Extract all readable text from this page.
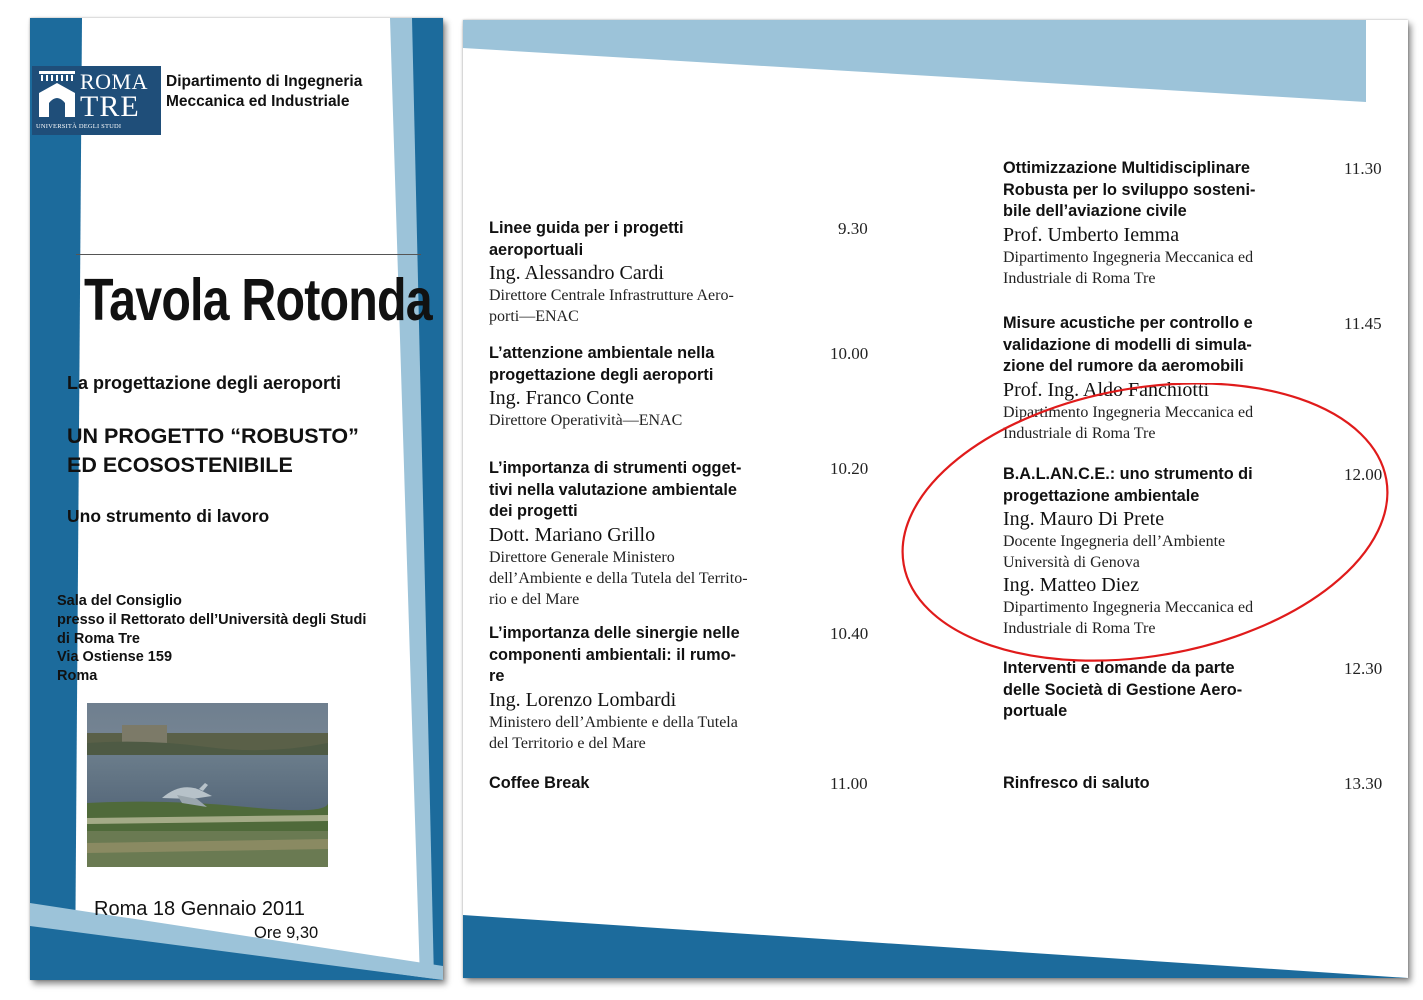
ROMA
TRE
UNIVERSITÀ DEGLI STUDI
Dipartimento di Ingegneria
Meccanica ed Industriale
Tavola Rotonda
La progettazione degli aeroporti
UN PROGETTO “ROBUSTO”
ED ECOSOSTENIBILE
Uno strumento di lavoro
Sala del Consiglio
presso il Rettorato dell’Università degli Studi
di Roma Tre
Via Ostiense 159
Roma
Roma 18 Gennaio 2011
Ore 9,30
Linee guida per i progetti
aeroportuali
Ing. Alessandro Cardi
Direttore Centrale Infrastrutture Aero-
porti—ENAC
9.30
L’attenzione ambientale nella
progettazione degli aeroporti
Ing. Franco Conte
Direttore Operatività—ENAC
10.00
L’importanza di strumenti ogget-
tivi nella valutazione ambientale
dei progetti
Dott. Mariano Grillo
Direttore Generale Ministero
dell’Ambiente e della Tutela del Territo-
rio e del Mare
10.20
L’importanza delle sinergie nelle
componenti ambientali: il rumo-
re
Ing. Lorenzo Lombardi
Ministero dell’Ambiente e della Tutela
del Territorio e del Mare
10.40
Coffee Break	11.00
Ottimizzazione Multidisciplinare
Robusta per lo sviluppo sosteni-
bile dell’aviazione civile
Prof. Umberto Iemma
Dipartimento Ingegneria Meccanica ed
Industriale di Roma Tre
11.30
Misure acustiche per controllo e
validazione di modelli di simula-
zione del rumore da aeromobili
Prof. Ing. Aldo Fanchiotti
Dipartimento Ingegneria Meccanica ed
Industriale di Roma Tre
11.45
B.A.L.AN.C.E.: uno strumento di
progettazione ambientale
Ing. Mauro Di Prete
Docente Ingegneria dell’Ambiente
Università di Genova
Ing. Matteo Diez
Dipartimento Ingegneria Meccanica ed
Industriale di Roma Tre
12.00
Interventi e domande da parte
delle Società di Gestione Aero-
portuale
12.30
Rinfresco di saluto	13.30
